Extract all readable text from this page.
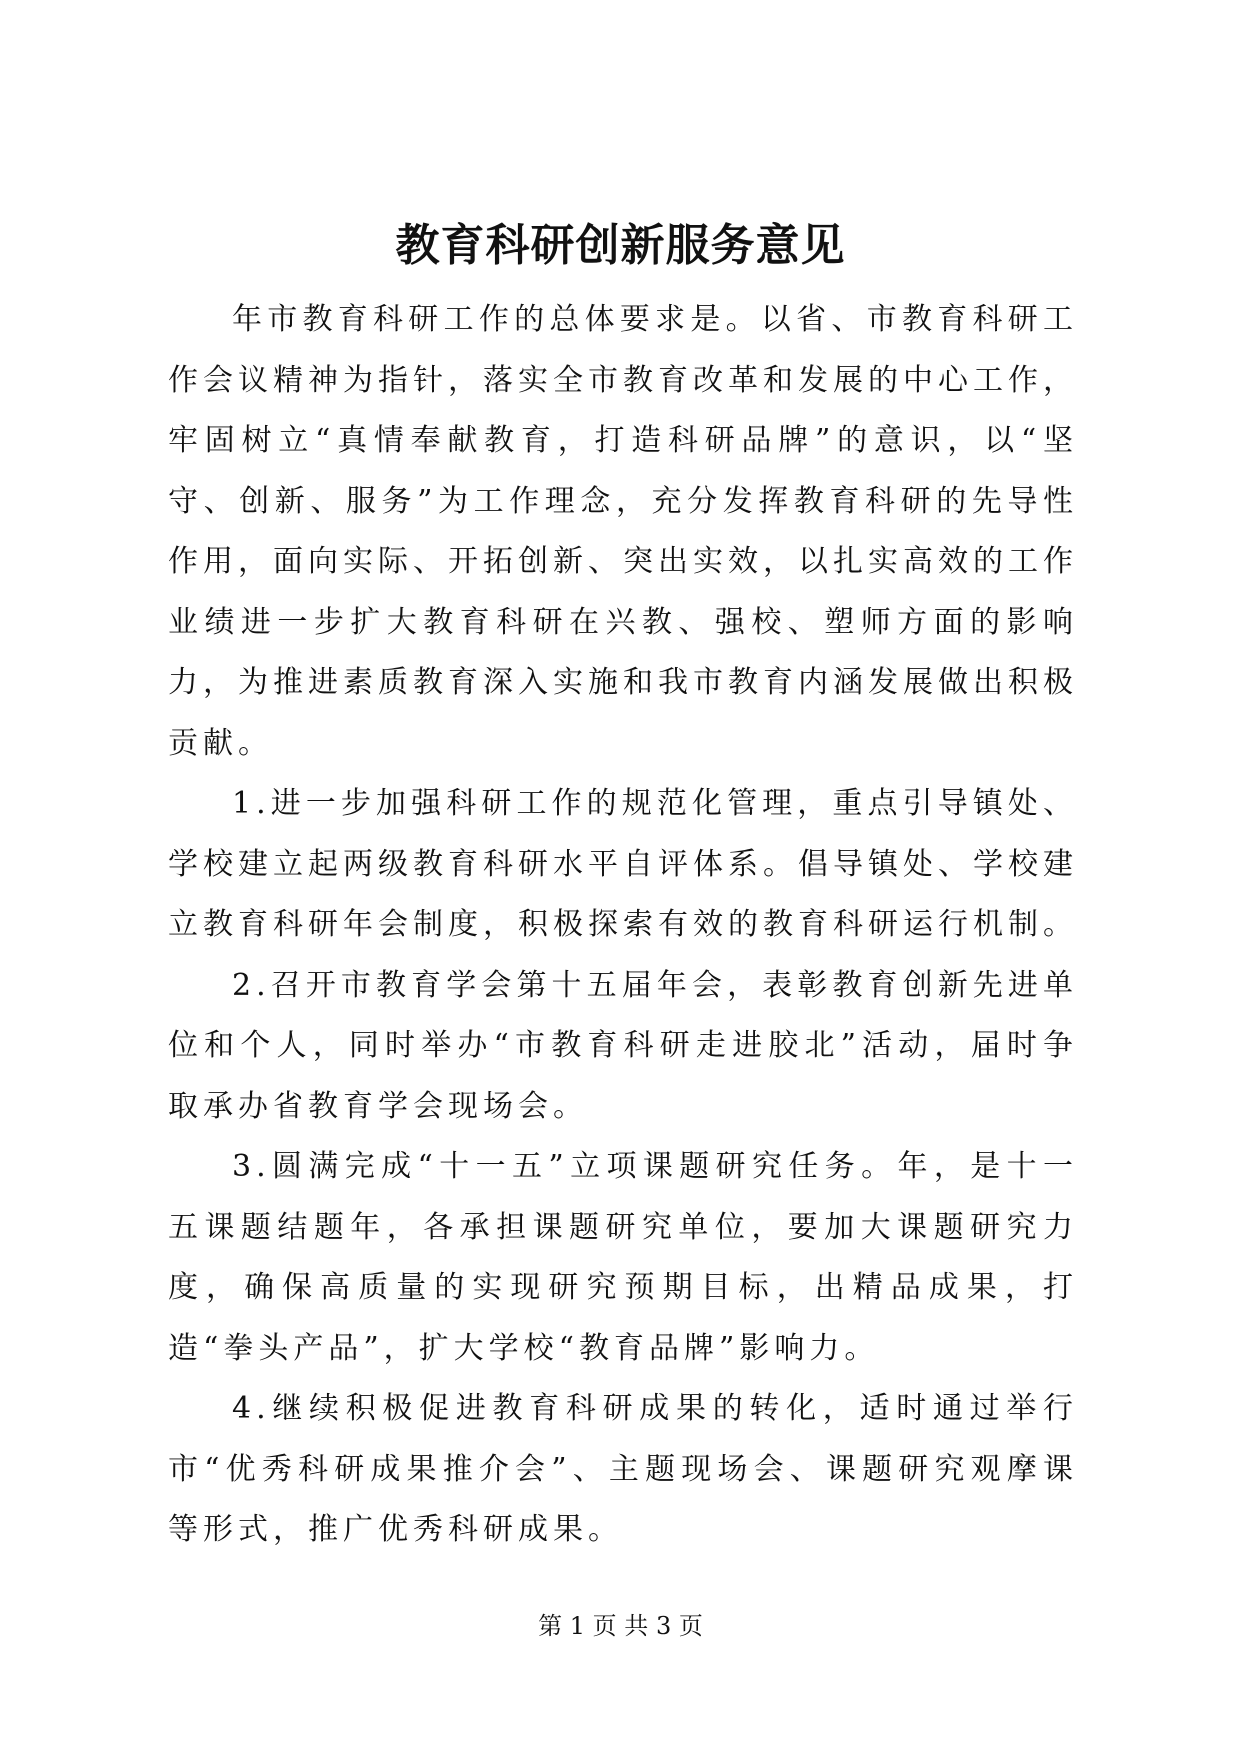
教育科研创新服务意见

年市教育科研工作的总体要求是。以省、市教育科研工作会议精神为指针，落实全市教育改革和发展的中心工作，牢固树立“真情奉献教育，打造科研品牌”的意识，以“坚守、创新、服务”为工作理念，充分发挥教育科研的先导性作用，面向实际、开拓创新、突出实效，以扎实高效的工作业绩进一步扩大教育科研在兴教、强校、塑师方面的影响力，为推进素质教育深入实施和我市教育内涵发展做出积极贡献。

1.进一步加强科研工作的规范化管理，重点引导镇处、学校建立起两级教育科研水平自评体系。倡导镇处、学校建立教育科研年会制度，积极探索有效的教育科研运行机制。

2.召开市教育学会第十五届年会，表彰教育创新先进单位和个人，同时举办“市教育科研走进胶北”活动，届时争取承办省教育学会现场会。

3.圆满完成“十一五”立项课题研究任务。年，是十一五课题结题年，各承担课题研究单位，要加大课题研究力度，确保高质量的实现研究预期目标，出精品成果，打造“拳头产品”，扩大学校“教育品牌”影响力。

4.继续积极促进教育科研成果的转化，适时通过举行市“优秀科研成果推介会”、主题现场会、课题研究观摩课等形式，推广优秀科研成果。

第 1 页 共 3 页
